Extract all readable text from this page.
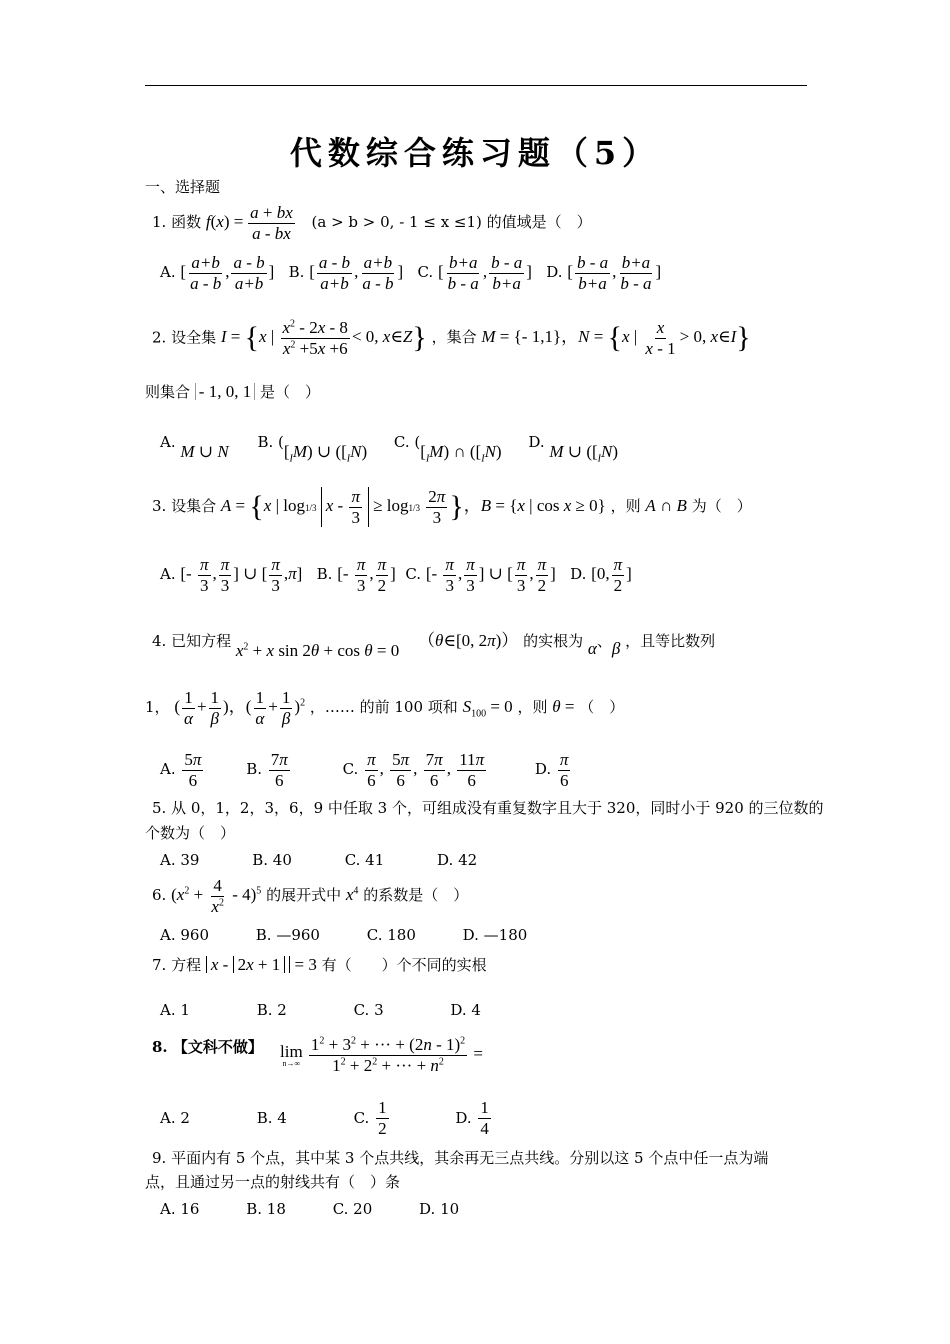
代数综合练习题（5）
一、选择题
1. 函数 $f(x) = \frac{a + bx}{a - bx} (a > b > 0$, - 1 ≤ x ≤1) 的值域是（　）
A. [ $\frac{a+b}{a - b}$ , $\frac{a - b}{a+b}$ ] B. [ $\frac{a - b}{a+b}$ , $\frac{a+b}{a - b}$ ] C. [ $\frac{b+a}{b - a}$ , $\frac{b - a}{b+a}$ ] D. [ $\frac{b - a}{b+a}$ , $\frac{b+a}{b - a}$ ]
2. 设全集 I = {x | $\frac{x^2 - 2x - 8}{x^2 +5x +6} < 0$, x∈Z} ，集合 M = {- 1,1}，N = {x | $\frac{x}{x - 1} > 0$, x∈I}
则集合 - 1, 0, 1 是（　）
A. M ∪ N B. ($[_IM)$ ∪ ($[_IN)$ C. ($[_IM)$ ∩ ($[_IN)$ D. M ∪ ($[_IN)$
3. 设集合 A = {x | log1/3 $x - \frac{\pi}{3} \ge \log 1/3 \frac{2\pi}{3}$ }，B = {x | cos x ≥ 0} ，则 A ∩ B 为（　）
A. [- $\frac{\pi}{3}$ , $\frac{\pi}{3}$ ] ∪ [ $\frac{\pi}{3} ,\pi$] B. [- $\frac{\pi}{3}$ , $\frac{\pi}{2}$ ] C. [- $\frac{\pi}{3}$ , $\frac{\pi}{3}$ ] ∪ [ $\frac{\pi}{3}$ , $\frac{\pi}{2}$ ] D. [0, $\frac{\pi}{2}$ ]
4. 已知方程 $x^2 + x$ sin 2θ + cos θ = 0 （θ∈[0, 2π)） 的实根为 α、β ，且等比数列
1， ( $\frac{1}{\alpha} + \frac{1}{\beta}$ )，( $\frac{1}{\alpha} + \frac{1}{\beta} )^2$ ，…… 的前 100 项和 $S_{100} = 0$ ，则 θ = （　）
A. $\frac{5\pi}{6}$	B. $\frac{7\pi}{6}$	C. $\frac{\pi}{6}$ , $\frac{5\pi}{6}$ , $\frac{7\pi}{6}$ , $\frac{11\pi}{6}$	D. $\frac{\pi}{6}$
5. 从 0，1，2，3，6，9 中任取 3 个，可组成没有重复数字且大于 320，同时小于 920 的三位数的
个数为（　）
A. 39	B. 40	C. 41	D. 42
6. $(x^2 + \frac{4}{x^2} - 4)^5$ 的展开式中 $x^4$ 的系数是（　）
A. 960	B. —960	C. 180	D. —180
7. 方程 x - 2x + 1 = 3 有（　　）个不同的实根
A. 1	B. 2	C. 3	D. 4
8. 【文科不做】 lim
n→∞
$\frac{1^2 + 3^2 + \cdot\cdot\cdot + (2n - 1)^2}{1^2 + 2^2 + \cdot\cdot\cdot + n^2}$ =
A. 2	B. 4	C. $\frac{1}{2}$	D. $\frac{1}{4}$
9. 平面内有 5 个点，其中某 3 个点共线，其余再无三点共线。分别以这 5 个点中任一点为端
点，且通过另一点的射线共有（　）条
A. 16	B. 18	C. 20	D. 10
